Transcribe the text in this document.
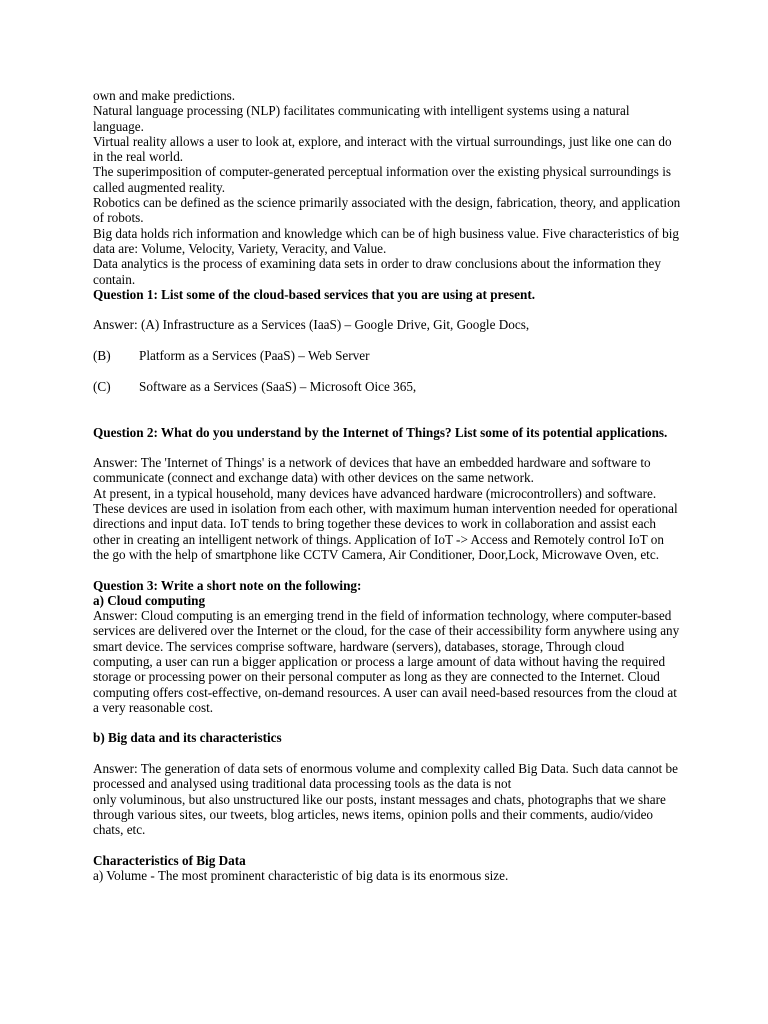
own and make predictions.

Natural language processing (NLP) facilitates communicating with intelligent systems using a natural language.

Virtual reality allows a user to look at, explore, and interact with the virtual surroundings, just like one can do in the real world.

The superimposition of computer-generated perceptual information over the existing physical surroundings is called augmented reality.

Robotics can be defined as the science primarily associated with the design, fabrication, theory, and application of robots.

Big data holds rich information and knowledge which can be of high business value. Five characteristics of big data are: Volume, Velocity, Variety, Veracity, and Value.

Data analytics is the process of examining data sets in order to draw conclusions about the information they contain.

Question 1: List some of the cloud-based services that you are using at present.

Answer: (A) Infrastructure as a Services (IaaS) – Google Drive, Git, Google Docs,

(B)	Platform as a Services (PaaS) – Web Server
(C)	Software as a Services (SaaS) – Microsoft Oice 365,

Question 2: What do you understand by the Internet of Things? List some of its potential applications.

Answer: The 'Internet of Things' is a network of devices that have an embedded hardware and software to communicate (connect and exchange data) with other devices on the same network.

At present, in a typical household, many devices have advanced hardware (microcontrollers) and software. These devices are used in isolation from each other, with maximum human intervention needed for operational directions and input data. IoT tends to bring together these devices to work in collaboration and assist each other in creating an intelligent network of things. Application of IoT -> Access and Remotely control IoT on the go with the help of smartphone like CCTV Camera, Air Conditioner, Door,Lock, Microwave Oven, etc.

Question 3: Write a short note on the following:

a) Cloud computing

Answer: Cloud computing is an emerging trend in the field of information technology, where computer-based services are delivered over the Internet or the cloud, for the case of their accessibility form anywhere using any smart device. The services comprise software, hardware (servers), databases, storage, Through cloud computing, a user can run a bigger application or process a large amount of data without having the required storage or processing power on their personal computer as long as they are connected to the Internet. Cloud computing offers cost-effective, on-demand resources. A user can avail need-based resources from the cloud at a very reasonable cost.

b) Big data and its characteristics

Answer: The generation of data sets of enormous volume and complexity called Big Data. Such data cannot be processed and analysed using traditional data processing tools as the data is not

only voluminous, but also unstructured like our posts, instant messages and chats, photographs that we share through various sites, our tweets, blog articles, news items, opinion polls and their comments, audio/video chats, etc.

Characteristics of Big Data

a) Volume - The most prominent characteristic of big data is its enormous size.
